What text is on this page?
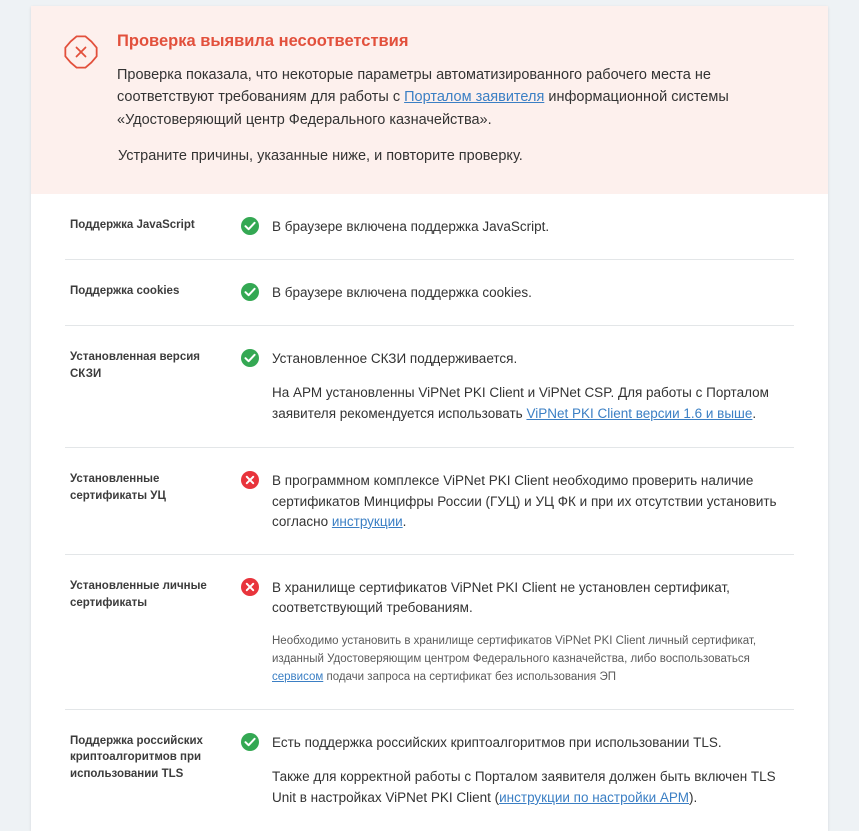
Проверка выявила несоответствия

Проверка показала, что некоторые параметры автоматизированного рабочего места не соответствуют требованиям для работы с Порталом заявителя информационной системы «Удостоверяющий центр Федерального казначейства».

Устраните причины, указанные ниже, и повторите проверку.

Поддержка JavaScript	В браузере включена поддержка JavaScript.

Поддержка cookies	В браузере включена поддержка cookies.

Установленная версия СКЗИ

Установленное СКЗИ поддерживается.

На АРМ установленны ViPNet PKI Client и ViPNet CSP. Для работы с Порталом заявителя рекомендуется использовать ViPNet PKI Client версии 1.6 и выше.

Установленные сертификаты УЦ

В программном комплексе ViPNet PKI Client необходимо проверить наличие сертификатов Минцифры России (ГУЦ) и УЦ ФК и при их отсутствии установить согласно инструкции.

Установленные личные сертификаты

В хранилище сертификатов ViPNet PKI Client не установлен сертификат, соответствующий требованиям.

Необходимо установить в хранилище сертификатов ViPNet PKI Client личный сертификат, изданный Удостоверяющим центром Федерального казначейства, либо воспользоваться сервисом подачи запроса на сертификат без использования ЭП

Поддержка российских криптоалгоритмов при использовании TLS

Есть поддержка российских криптоалгоритмов при использовании TLS.

Также для корректной работы с Порталом заявителя должен быть включен TLS Unit в настройках ViPNet PKI Client (инструкции по настройки АРМ).
